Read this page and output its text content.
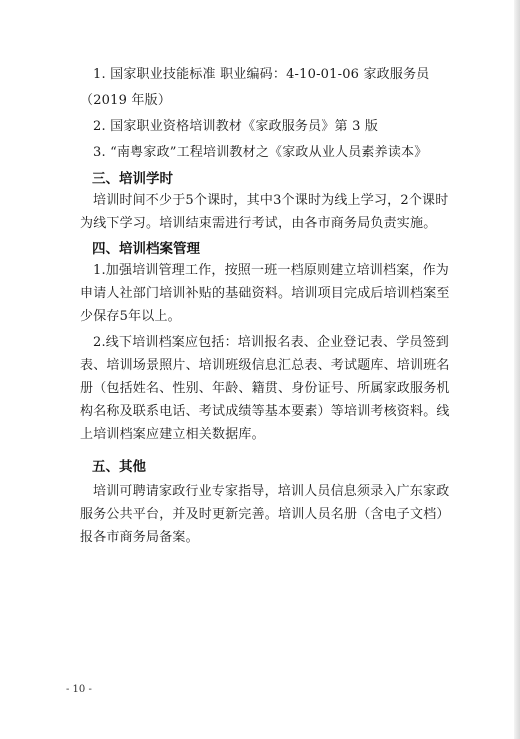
1. 国家职业技能标准 职业编码：4-10-01-06 家政服务员（2019 年版）
2. 国家职业资格培训教材《家政服务员》第 3 版
3. “南粤家政”工程培训教材之《家政从业人员素养读本》
三、培训学时
培训时间不少于5个课时，其中3个课时为线上学习，2个课时为线下学习。培训结束需进行考试，由各市商务局负责实施。
四、培训档案管理
1.加强培训管理工作，按照一班一档原则建立培训档案，作为申请人社部门培训补贴的基础资料。培训项目完成后培训档案至少保存5年以上。
2.线下培训档案应包括：培训报名表、企业登记表、学员签到表、培训场景照片、培训班级信息汇总表、考试题库、培训班名册（包括姓名、性别、年龄、籍贯、身份证号、所属家政服务机构名称及联系电话、考试成绩等基本要素）等培训考核资料。线上培训档案应建立相关数据库。
五、其他
培训可聘请家政行业专家指导，培训人员信息须录入广东家政服务公共平台，并及时更新完善。培训人员名册（含电子文档）报各市商务局备案。
- 10 -
